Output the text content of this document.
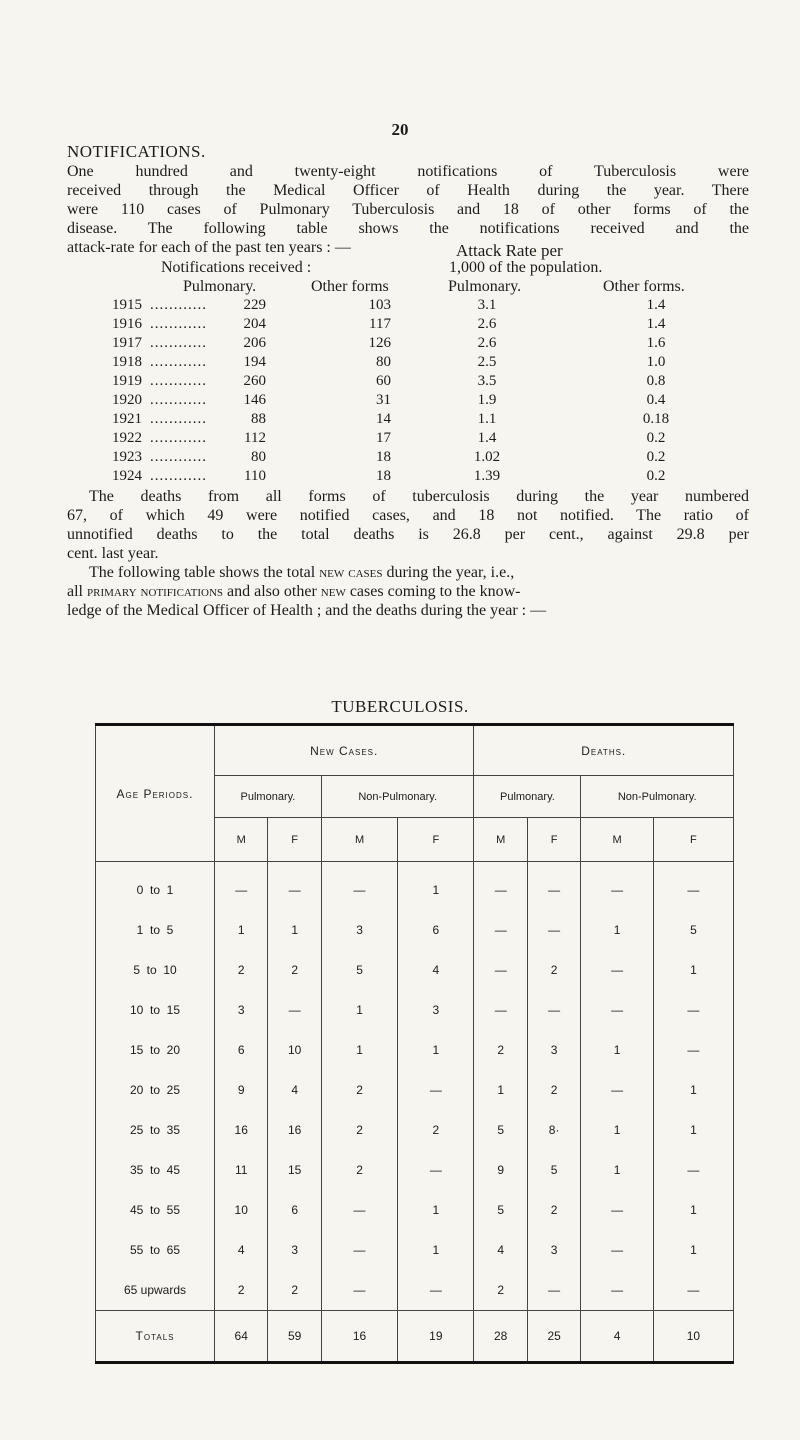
20
NOTIFICATIONS.
One hundred and twenty-eight notifications of Tuberculosis were
received through the Medical Officer of Health during the year. There
were 110 cases of Pulmonary Tuberculosis and 18 of other forms of the
disease. The following table shows the notifications received and the
attack-rate for each of the past ten years : —	Attack Rate per
Notifications received :	1,000 of the population.
Pulmonary.	Other forms	Pulmonary.	Other forms.
1915 ............	229	103	3.1	1.4
1916 ............	204	117	2.6	1.4
1917 ............	206	126	2.6	1.6
1918 ............	194	80	2.5	1.0
1919 ............	260	60	3.5	0.8
1920 ............	146	31	1.9	0.4
1921 ............	88	14	1.1	0.18
1922 ............	112	17	1.4	0.2
1923 ............	80	18	1.02	0.2
1924 ............	110	18	1.39	0.2
The deaths from all forms of tuberculosis during the year numbered
67, of which 49 were notified cases, and 18 not notified. The ratio of
unnotified deaths to the total deaths is 26.8 per cent., against 29.8 per
cent. last year.
The following table shows the total new cases during the year, i.e.,
all primary notifications and also other new cases coming to the know-
ledge of the Medical Officer of Health ; and the deaths during the year : —
TUBERCULOSIS.
Age Periods.	New Cases.				Deaths.			
	Pulmonary.		Non-Pulmonary.		Pulmonary.		Non-Pulmonary.	
	M	F	M	F	M	F	M	F
0  to  1	—	—	—	1	—	—	—	—
1  to  5	1	1	3	6	—	—	1	5
5  to  10	2	2	5	4	—	2	—	1
10  to  15	3	—	1	3	—	—	—	—
15  to  20	6	10	1	1	2	3	1	—
20  to  25	9	4	2	—	1	2	—	1
25  to  35	16	16	2	2	5	8·	1	1
35  to  45	11	15	2	—	9	5	1	—
45  to  55	10	6	—	1	5	2	—	1
55  to  65	4	3	—	1	4	3	—	1
65 upwards	2	2	—	—	2	—	—	—
Totals	64	59	16	19	28	25	4	10
